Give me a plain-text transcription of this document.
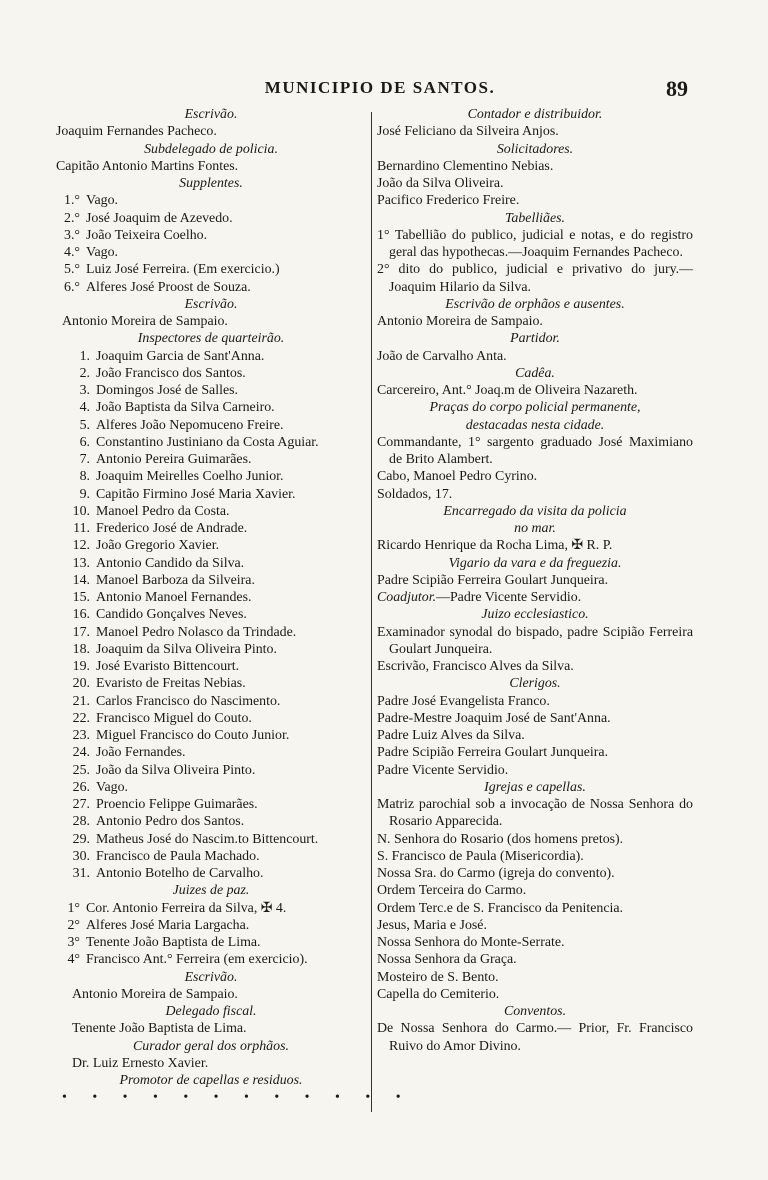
MUNICIPIO DE SANTOS.	89
Escrivão.
Joaquim Fernandes Pacheco.
Subdelegado de policia.
Capitão Antonio Martins Fontes.
Supplentes.
1.° Vago.
2.° José Joaquim de Azevedo.
3.° João Teixeira Coelho.
4.° Vago.
5.° Luiz José Ferreira. (Em exercicio.)
6.° Alferes José Proost de Souza.
Escrivão.
Antonio Moreira de Sampaio.
Inspectores de quarteirão.
1. Joaquim Garcia de Sant'Anna.
2. João Francisco dos Santos.
3. Domingos José de Salles.
4. João Baptista da Silva Carneiro.
5. Alferes João Nepomuceno Freire.
6. Constantino Justiniano da Costa Aguiar.
7. Antonio Pereira Guimarães.
8. Joaquim Meirelles Coelho Junior.
9. Capitão Firmino José Maria Xavier.
10. Manoel Pedro da Costa.
11. Frederico José de Andrade.
12. João Gregorio Xavier.
13. Antonio Candido da Silva.
14. Manoel Barboza da Silveira.
15. Antonio Manoel Fernandes.
16. Candido Gonçalves Neves.
17. Manoel Pedro Nolasco da Trindade.
18. Joaquim da Silva Oliveira Pinto.
19. José Evaristo Bittencourt.
20. Evaristo de Freitas Nebias.
21. Carlos Francisco do Nascimento.
22. Francisco Miguel do Couto.
23. Miguel Francisco do Couto Junior.
24. João Fernandes.
25. João da Silva Oliveira Pinto.
26. Vago.
27. Proencio Felippe Guimarães.
28. Antonio Pedro dos Santos.
29. Matheus José do Nascim.to Bittencourt.
30. Francisco de Paula Machado.
31. Antonio Botelho de Carvalho.
Juizes de paz.
1° Cor. Antonio Ferreira da Silva, ✠ 4.
2° Alferes José Maria Largacha.
3° Tenente João Baptista de Lima.
4° Francisco Ant.° Ferreira (em exercicio).
Escrivão.
Antonio Moreira de Sampaio.
Delegado fiscal.
Tenente João Baptista de Lima.
Curador geral dos orphãos.
Dr. Luiz Ernesto Xavier.
Promotor de capellas e residuos.
• • • • • • • • • • • •
Contador e distribuidor.
José Feliciano da Silveira Anjos.
Solicitadores.
Bernardino Clementino Nebias.
João da Silva Oliveira.
Pacifico Frederico Freire.
Tabelliães.
1° Tabellião do publico, judicial e notas, e do registro geral das hypothecas.—Joaquim Fernandes Pacheco.
2° dito do publico, judicial e privativo do jury.— Joaquim Hilario da Silva.
Escrivão de orphãos e ausentes.
Antonio Moreira de Sampaio.
Partidor.
João de Carvalho Anta.
Cadêa.
Carcereiro, Ant.° Joaq.m de Oliveira Nazareth.
Praças do corpo policial permanente,
destacadas nesta cidade.
Commandante, 1° sargento graduado José Maximiano de Brito Alambert.
Cabo, Manoel Pedro Cyrino.
Soldados, 17.
Encarregado da visita da policia
no mar.
Ricardo Henrique da Rocha Lima, ✠ R. P.
Vigario da vara e da freguezia.
Padre Scipião Ferreira Goulart Junqueira.
Coadjutor.—Padre Vicente Servidio.
Juizo ecclesiastico.
Examinador synodal do bispado, padre Scipião Ferreira Goulart Junqueira.
Escrivão, Francisco Alves da Silva.
Clerigos.
Padre José Evangelista Franco.
Padre-Mestre Joaquim José de Sant'Anna.
Padre Luiz Alves da Silva.
Padre Scipião Ferreira Goulart Junqueira.
Padre Vicente Servidio.
Igrejas e capellas.
Matriz parochial sob a invocação de Nossa Senhora do Rosario Apparecida.
N. Senhora do Rosario (dos homens pretos).
S. Francisco de Paula (Misericordia).
Nossa Sra. do Carmo (igreja do convento).
Ordem Terceira do Carmo.
Ordem Terc.e de S. Francisco da Penitencia.
Jesus, Maria e José.
Nossa Senhora do Monte-Serrate.
Nossa Senhora da Graça.
Mosteiro de S. Bento.
Capella do Cemiterio.
Conventos.
De Nossa Senhora do Carmo.— Prior, Fr. Francisco Ruivo do Amor Divino.
